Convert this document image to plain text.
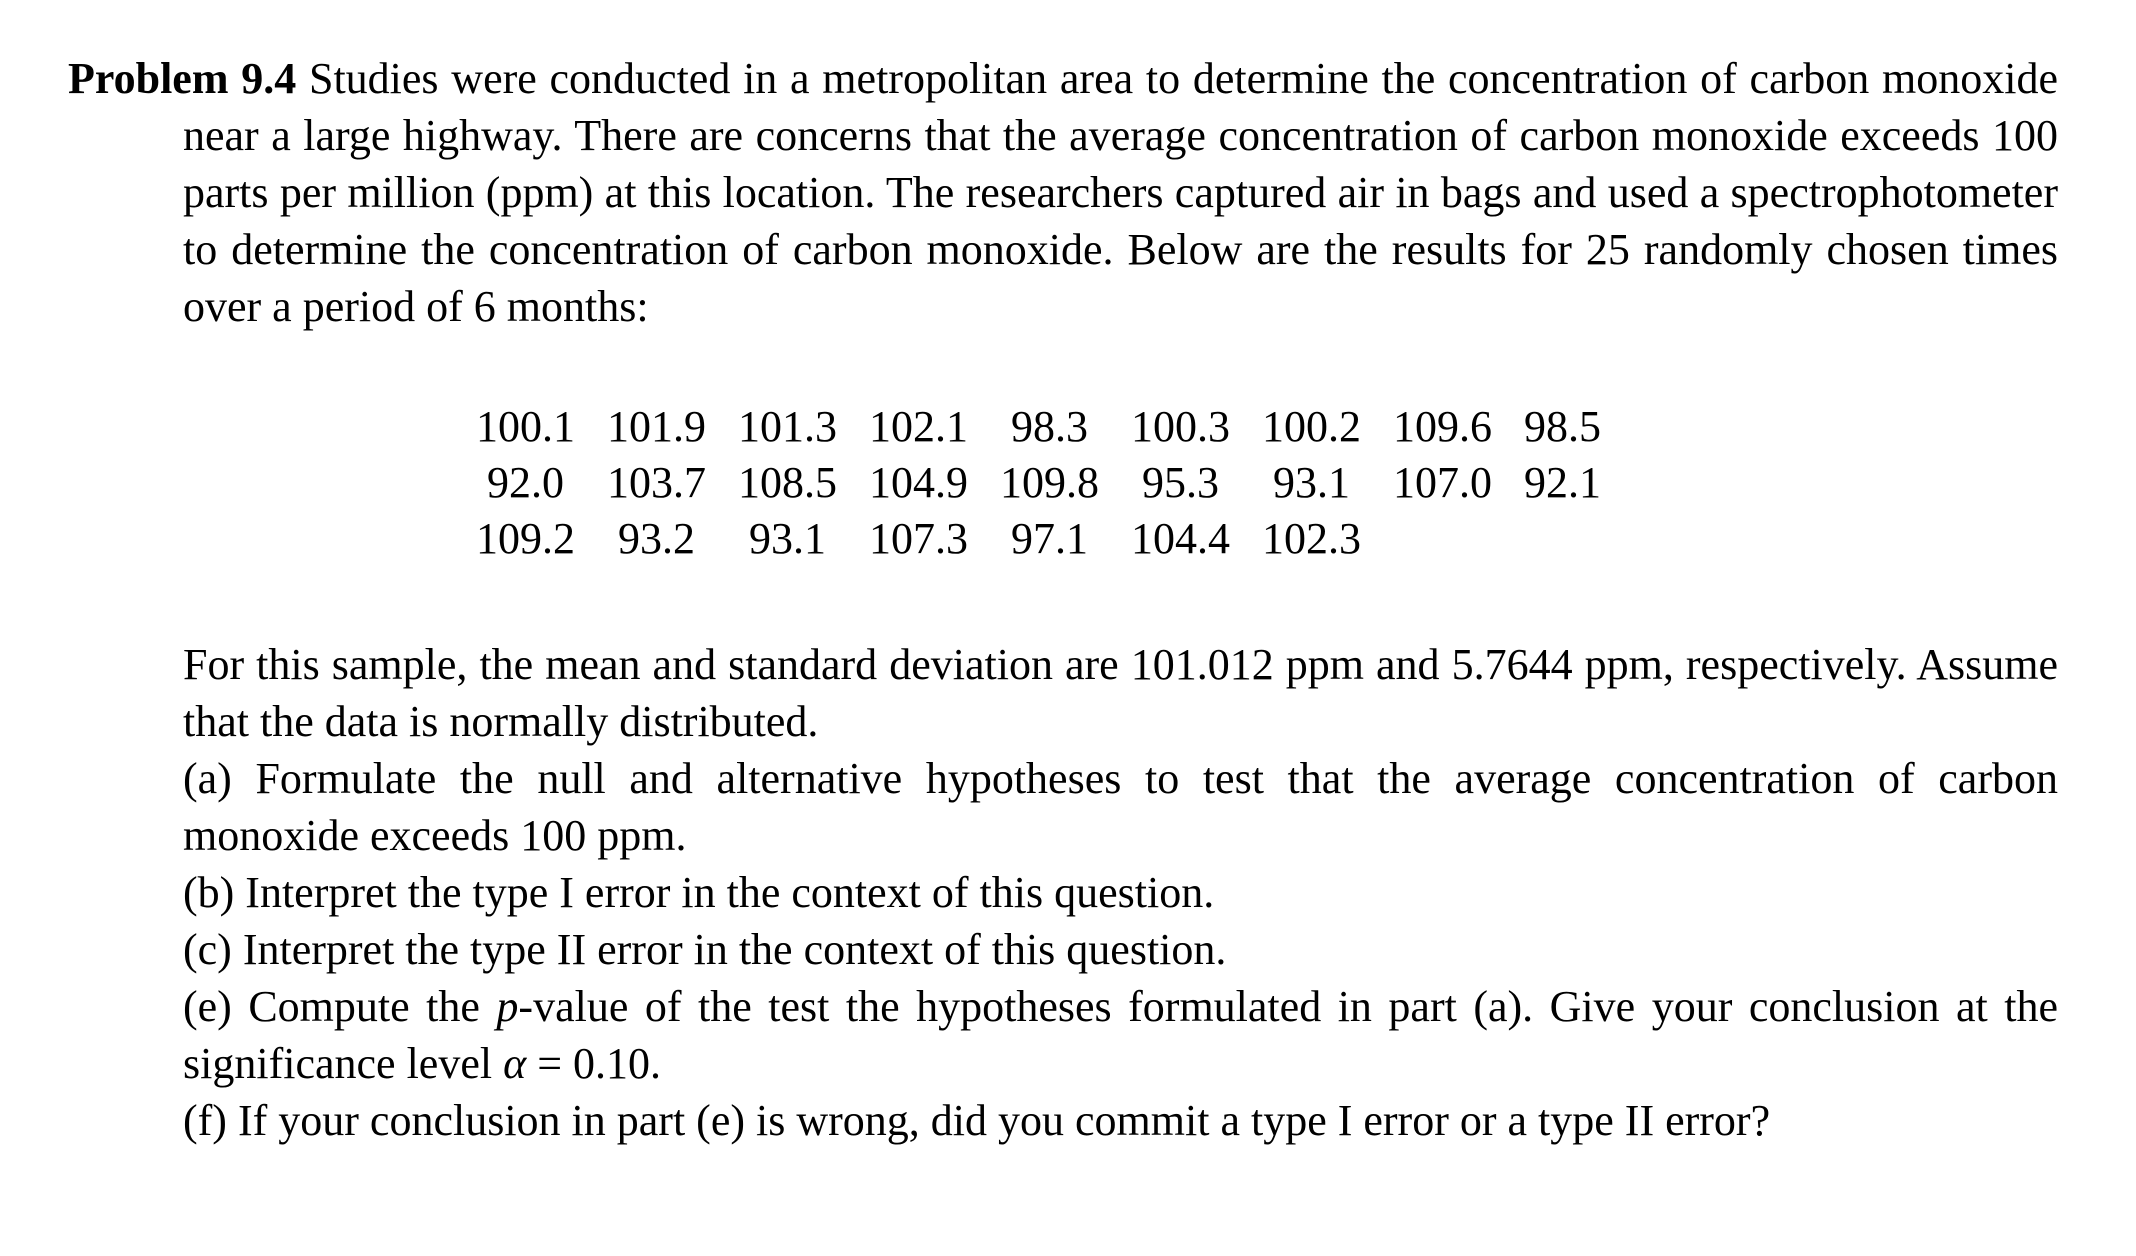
Problem 9.4 Studies were conducted in a metropolitan area to determine the concentration of carbon monoxide near a large highway. There are concerns that the average concentration of carbon monoxide exceeds 100 parts per million (ppm) at this location. The researchers captured air in bags and used a spectrophotometer to determine the concentration of carbon monoxide. Below are the results for 25 randomly chosen times over a period of 6 months:

100.1	101.9	101.3	102.1	98.3	100.3	100.2	109.6	98.5
92.0	103.7	108.5	104.9	109.8	95.3	93.1	107.0	92.1
109.2	93.2	93.1	107.3	97.1	104.4	102.3		

For this sample, the mean and standard deviation are 101.012 ppm and 5.7644 ppm, respectively. Assume that the data is normally distributed.

(a) Formulate the null and alternative hypotheses to test that the average concentration of carbon monoxide exceeds 100 ppm.

(b) Interpret the type I error in the context of this question.

(c) Interpret the type II error in the context of this question.

(e) Compute the p-value of the test the hypotheses formulated in part (a). Give your conclusion at the significance level α = 0.10.

(f) If your conclusion in part (e) is wrong, did you commit a type I error or a type II error?
